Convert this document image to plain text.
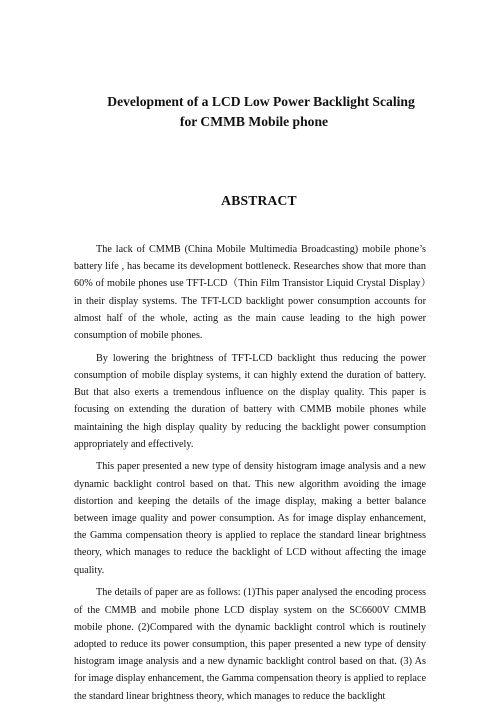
Development of a LCD Low Power Backlight Scaling
for CMMB Mobile phone
ABSTRACT

The lack of CMMB (China Mobile Multimedia Broadcasting) mobile phone’s battery life , has became its development bottleneck. Researches show that more than 60% of mobile phones use TFT-LCD（Thin Film Transistor Liquid Crystal Display）in their display systems. The TFT-LCD backlight power consumption accounts for almost half of the whole, acting as the main cause leading to the high power consumption of mobile phones.

By lowering the brightness of TFT-LCD backlight thus reducing the power consumption of mobile display systems, it can highly extend the duration of battery. But that also exerts a tremendous influence on the display quality. This paper is focusing on extending the duration of battery with CMMB mobile phones while maintaining the high display quality by reducing the backlight power consumption appropriately and effectively.

This paper presented a new type of density histogram image analysis and a new dynamic backlight control based on that. This new algorithm avoiding the image distortion and keeping the details of the image display, making a better balance between image quality and power consumption. As for image display enhancement, the Gamma compensation theory is applied to replace the standard linear brightness theory, which manages to reduce the backlight of LCD without affecting the image quality.

The details of paper are as follows: (1)This paper analysed the encoding process of the CMMB and mobile phone LCD display system on the SC6600V CMMB mobile phone. (2)Compared with the dynamic backlight control which is routinely adopted to reduce its power consumption, this paper presented a new type of density histogram image analysis and a new dynamic backlight control based on that. (3) As for image display enhancement, the Gamma compensation theory is applied to replace the standard linear brightness theory, which manages to reduce the backlight
